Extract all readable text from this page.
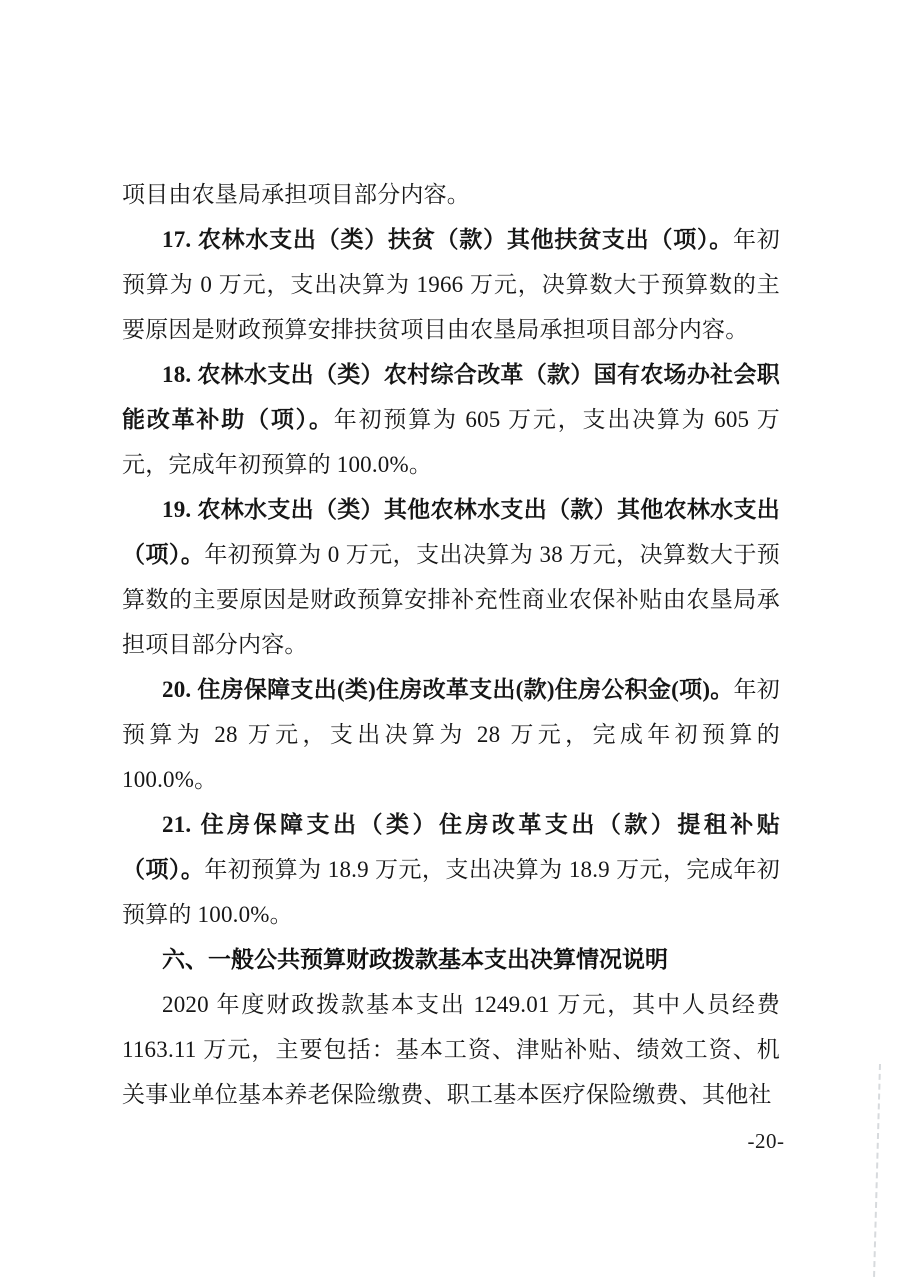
项目由农垦局承担项目部分内容。

17. 农林水支出（类）扶贫（款）其他扶贫支出（项）。年初预算为 0 万元，支出决算为 1966 万元，决算数大于预算数的主要原因是财政预算安排扶贫项目由农垦局承担项目部分内容。

18. 农林水支出（类）农村综合改革（款）国有农场办社会职能改革补助（项）。年初预算为 605 万元，支出决算为 605 万元，完成年初预算的 100.0%。

19. 农林水支出（类）其他农林水支出（款）其他农林水支出（项）。年初预算为 0 万元，支出决算为 38 万元，决算数大于预算数的主要原因是财政预算安排补充性商业农保补贴由农垦局承担项目部分内容。

20. 住房保障支出(类)住房改革支出(款)住房公积金(项)。年初预算为 28 万元，支出决算为 28 万元，完成年初预算的 100.0%。

21. 住房保障支出（类）住房改革支出（款）提租补贴（项）。年初预算为 18.9 万元，支出决算为 18.9 万元，完成年初预算的 100.0%。

六、一般公共预算财政拨款基本支出决算情况说明

2020 年度财政拨款基本支出 1249.01 万元，其中人员经费 1163.11 万元，主要包括：基本工资、津贴补贴、绩效工资、机关事业单位基本养老保险缴费、职工基本医疗保险缴费、其他社

-20-
